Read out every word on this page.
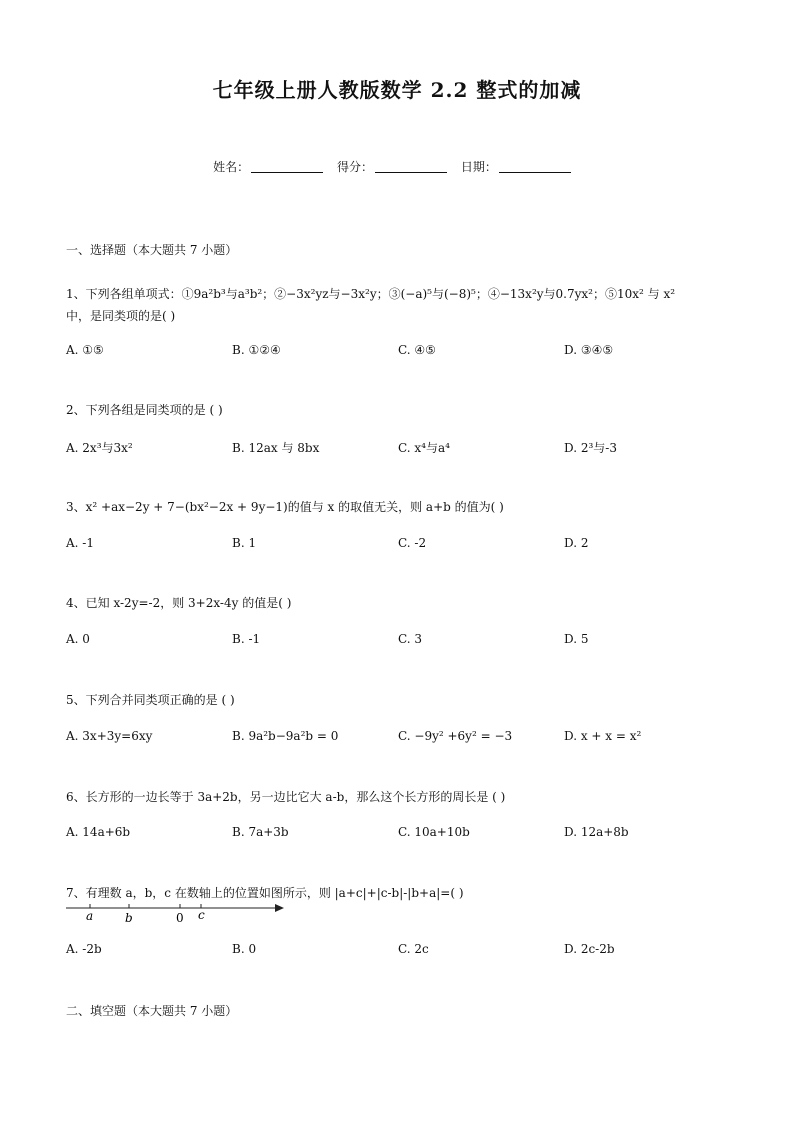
七年级上册人教版数学 2.2 整式的加减
姓名：	得分：	日期：
一、选择题（本大题共 7 小题）
1、下列各组单项式：①9a²b³与a³b²；②−3x²yz与−3x²y；③(−a)⁵与(−8)⁵；④−13x²y与0.7yx²；⑤10x² 与 x²
中，是同类项的是( )
A. ①⑤	B. ①②④	C. ④⑤	D. ③④⑤
2、下列各组是同类项的是 ( )
A. 2x³与3x²	B. 12ax 与 8bx	C. x⁴与a⁴	D. 2³与-3
3、x² +ax−2y + 7−(bx²−2x + 9y−1)的值与 x 的取值无关，则 a+b 的值为( )
A. -1	B. 1	C. -2	D. 2
4、已知 x-2y=-2，则 3+2x-4y 的值是( )
A. 0	B. -1	C. 3	D. 5
5、下列合并同类项正确的是 ( )
A. 3x+3y=6xy	B. 9a²b−9a²b = 0	C. −9y² +6y² = −3	D. x + x = x²
6、长方形的一边长等于 3a+2b，另一边比它大 a-b，那么这个长方形的周长是 ( )
A. 14a+6b	B. 7a+3b	C. 10a+10b	D. 12a+8b
7、有理数 a，b，c 在数轴上的位置如图所示，则 |a+c|+|c-b|-|b+a|=( )
a	b	0 c
A. -2b	B. 0	C. 2c	D. 2c-2b
二、填空题（本大题共 7 小题）
